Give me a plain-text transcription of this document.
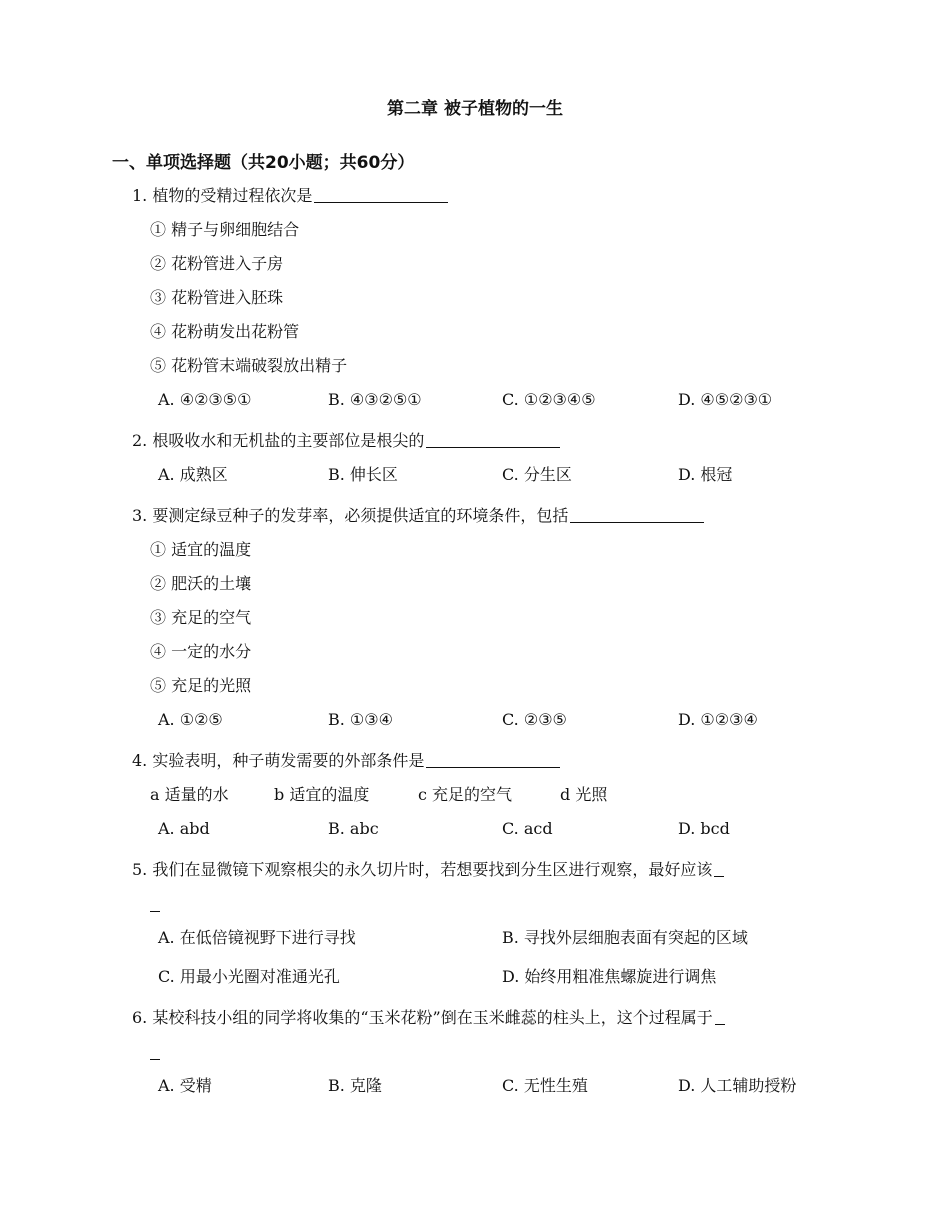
第二章 被子植物的一生
一、单项选择题（共20小题；共60分）
1. 植物的受精过程依次是
① 精子与卵细胞结合
② 花粉管进入子房
③ 花粉管进入胚珠
④ 花粉萌发出花粉管
⑤ 花粉管末端破裂放出精子
A. ④②③⑤①	B. ④③②⑤①	C. ①②③④⑤	D. ④⑤②③①
2. 根吸收水和无机盐的主要部位是根尖的
A. 成熟区	B. 伸长区	C. 分生区	D. 根冠
3. 要测定绿豆种子的发芽率，必须提供适宜的环境条件，包括
① 适宜的温度
② 肥沃的土壤
③ 充足的空气
④ 一定的水分
⑤ 充足的光照
A. ①②⑤	B. ①③④	C. ②③⑤	D. ①②③④
4. 实验表明，种子萌发需要的外部条件是
a 适量的水	b 适宜的温度	c 充足的空气	d 光照
A. abd	B. abc	C. acd	D. bcd
5. 我们在显微镜下观察根尖的永久切片时，若想要找到分生区进行观察，最好应该
A. 在低倍镜视野下进行寻找	B. 寻找外层细胞表面有突起的区域
C. 用最小光圈对准通光孔	D. 始终用粗准焦螺旋进行调焦
6. 某校科技小组的同学将收集的“玉米花粉”倒在玉米雌蕊的柱头上，这个过程属于
A. 受精	B. 克隆	C. 无性生殖	D. 人工辅助授粉
